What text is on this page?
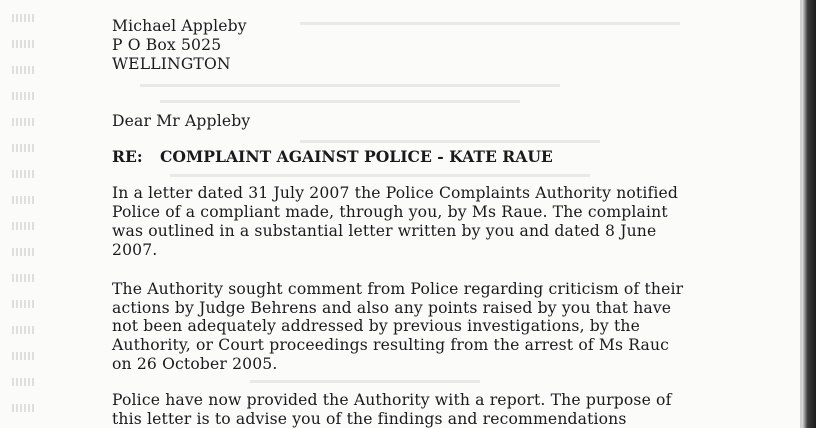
Michael Appleby
P O Box 5025
WELLINGTON
Dear Mr Appleby
RE: COMPLAINT AGAINST POLICE - KATE RAUE
In a letter dated 31 July 2007 the Police Complaints Authority notified
Police of a compliant made, through you, by Ms Raue. The complaint
was outlined in a substantial letter written by you and dated 8 June
2007.
The Authority sought comment from Police regarding criticism of their
actions by Judge Behrens and also any points raised by you that have
not been adequately addressed by previous investigations, by the
Authority, or Court proceedings resulting from the arrest of Ms Rauc
on 26 October 2005.
Police have now provided the Authority with a report. The purpose of
this letter is to advise you of the findings and recommendations
